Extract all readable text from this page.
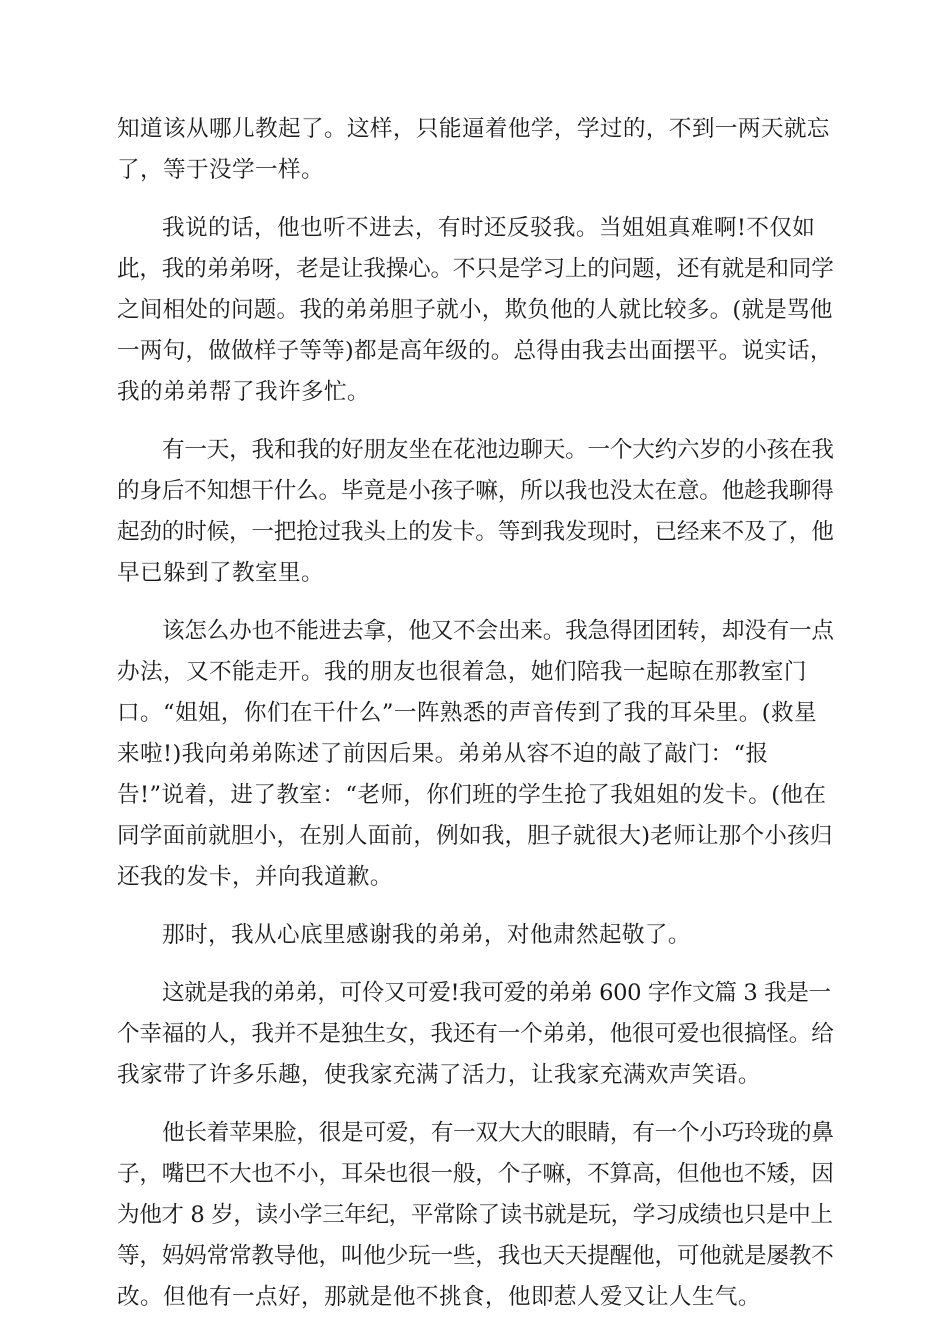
知道该从哪儿教起了。这样，只能逼着他学，学过的，不到一两天就忘
了，等于没学一样。
我说的话，他也听不进去，有时还反驳我。当姐姐真难啊!不仅如
此，我的弟弟呀，老是让我操心。不只是学习上的问题，还有就是和同学
之间相处的问题。我的弟弟胆子就小，欺负他的人就比较多。(就是骂他
一两句，做做样子等等)都是高年级的。总得由我去出面摆平。说实话，
我的弟弟帮了我许多忙。
有一天，我和我的好朋友坐在花池边聊天。一个大约六岁的小孩在我
的身后不知想干什么。毕竟是小孩子嘛，所以我也没太在意。他趁我聊得
起劲的时候，一把抢过我头上的发卡。等到我发现时，已经来不及了，他
早已躲到了教室里。
该怎么办也不能进去拿，他又不会出来。我急得团团转，却没有一点
办法，又不能走开。我的朋友也很着急，她们陪我一起晾在那教室门
口。“姐姐，你们在干什么”一阵熟悉的声音传到了我的耳朵里。(救星
来啦!)我向弟弟陈述了前因后果。弟弟从容不迫的敲了敲门：“报
告!”说着，进了教室：“老师，你们班的学生抢了我姐姐的发卡。(他在
同学面前就胆小，在别人面前，例如我，胆子就很大)老师让那个小孩归
还我的发卡，并向我道歉。
那时，我从心底里感谢我的弟弟，对他肃然起敬了。
这就是我的弟弟，可伶又可爱!我可爱的弟弟 600 字作文篇 3 我是一
个幸福的人，我并不是独生女，我还有一个弟弟，他很可爱也很搞怪。给
我家带了许多乐趣，使我家充满了活力，让我家充满欢声笑语。
他长着苹果脸，很是可爱，有一双大大的眼睛，有一个小巧玲珑的鼻
子，嘴巴不大也不小，耳朵也很一般，个子嘛，不算高，但他也不矮，因
为他才 8 岁，读小学三年纪，平常除了读书就是玩，学习成绩也只是中上
等，妈妈常常教导他，叫他少玩一些，我也天天提醒他，可他就是屡教不
改。但他有一点好，那就是他不挑食，他即惹人爱又让人生气。
